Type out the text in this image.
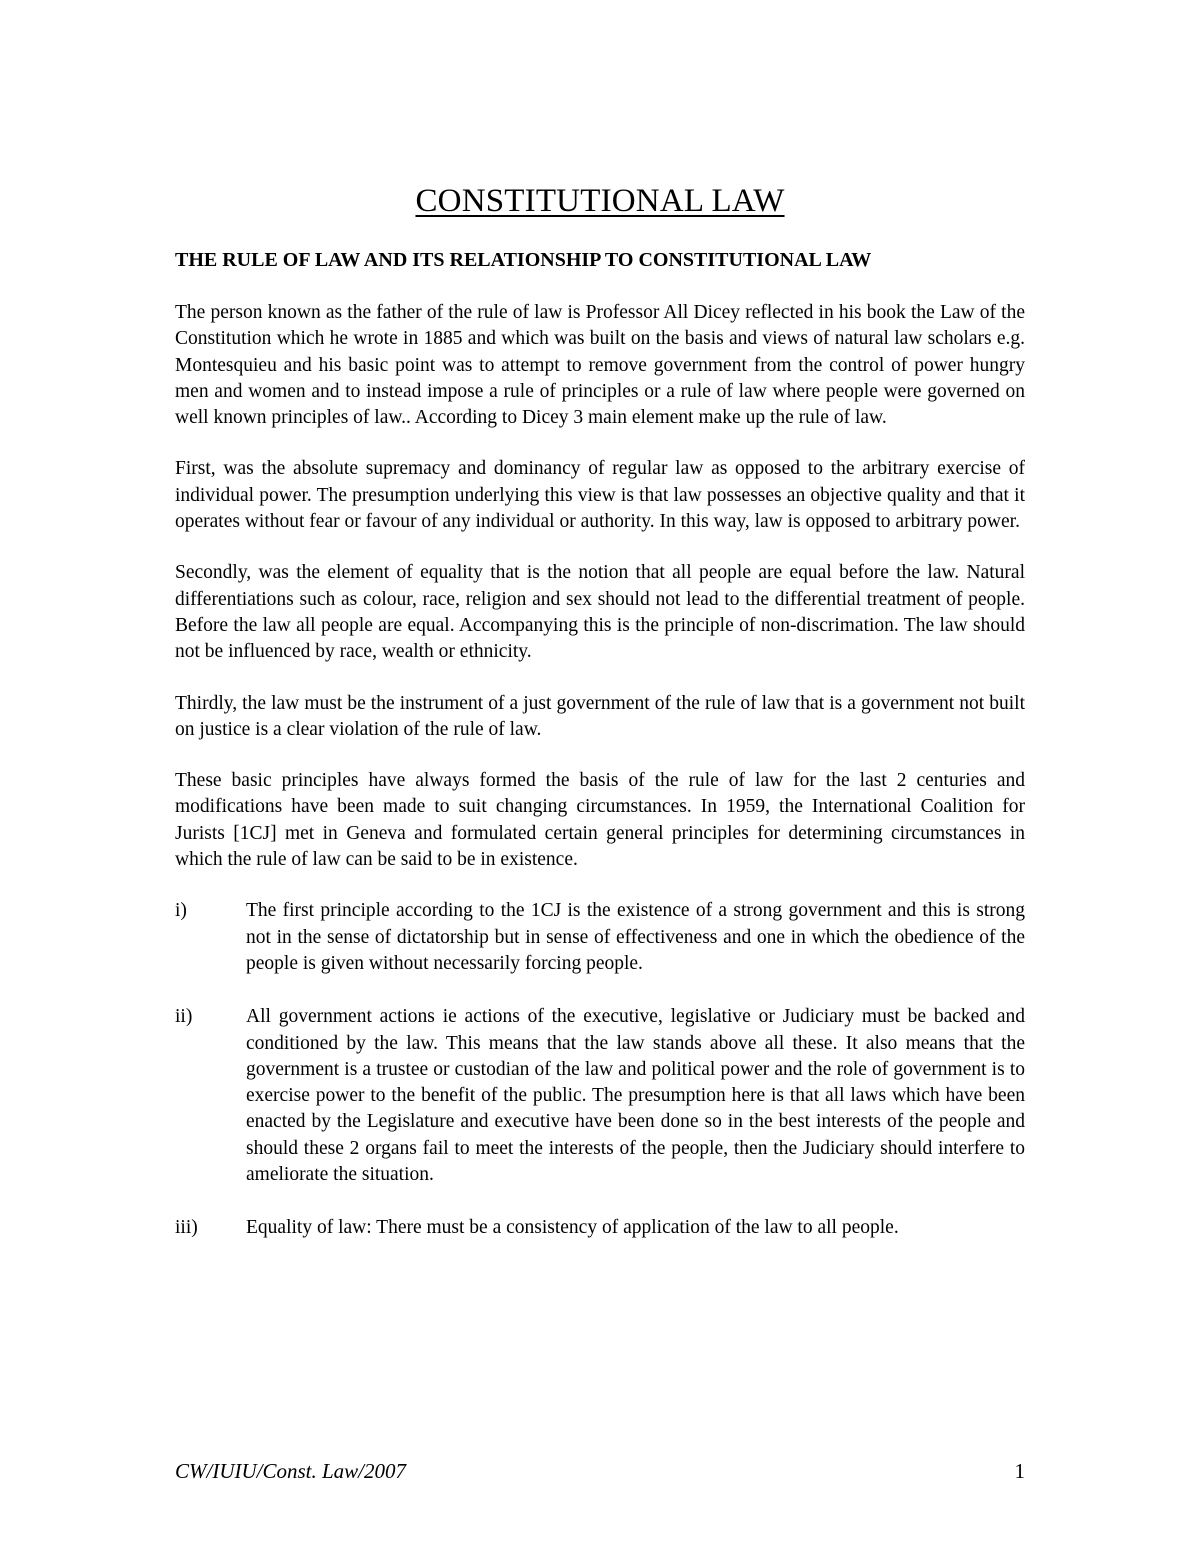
CONSTITUTIONAL LAW
THE RULE OF LAW AND ITS RELATIONSHIP TO CONSTITUTIONAL LAW

The person known as the father of the rule of law is Professor All Dicey reflected in his book the Law of the Constitution which he wrote in 1885 and which was built on the basis and views of natural law scholars e.g. Montesquieu and his basic point was to attempt to remove government from the control of power hungry men and women and to instead impose a rule of principles or a rule of law where people were governed on well known principles of law.. According to Dicey 3 main element make up the rule of law.

First, was the absolute supremacy and dominancy of regular law as opposed to the arbitrary exercise of individual power. The presumption underlying this view is that law possesses an objective quality and that it operates without fear or favour of any individual or authority. In this way, law is opposed to arbitrary power.

Secondly, was the element of equality that is the notion that all people are equal before the law. Natural differentiations such as colour, race, religion and sex should not lead to the differential treatment of people. Before the law all people are equal. Accompanying this is the principle of non-discrimation. The law should not be influenced by race, wealth or ethnicity.

Thirdly, the law must be the instrument of a just government of the rule of law that is a government not built on justice is a clear violation of the rule of law.

These basic principles have always formed the basis of the rule of law for the last 2 centuries and modifications have been made to suit changing circumstances. In 1959, the International Coalition for Jurists [1CJ] met in Geneva and formulated certain general principles for determining circumstances in which the rule of law can be said to be in existence.

i)	The first principle according to the 1CJ is the existence of a strong government and this is strong not in the sense of dictatorship but in sense of effectiveness and one in which the obedience of the people is given without necessarily forcing people.
ii)	All government actions ie actions of the executive, legislative or Judiciary must be backed and conditioned by the law. This means that the law stands above all these. It also means that the government is a trustee or custodian of the law and political power and the role of government is to exercise power to the benefit of the public. The presumption here is that all laws which have been enacted by the Legislature and executive have been done so in the best interests of the people and should these 2 organs fail to meet the interests of the people, then the Judiciary should interfere to ameliorate the situation.
iii)	Equality of law: There must be a consistency of application of the law to all people.
CW/IUIU/Const. Law/2007	1
